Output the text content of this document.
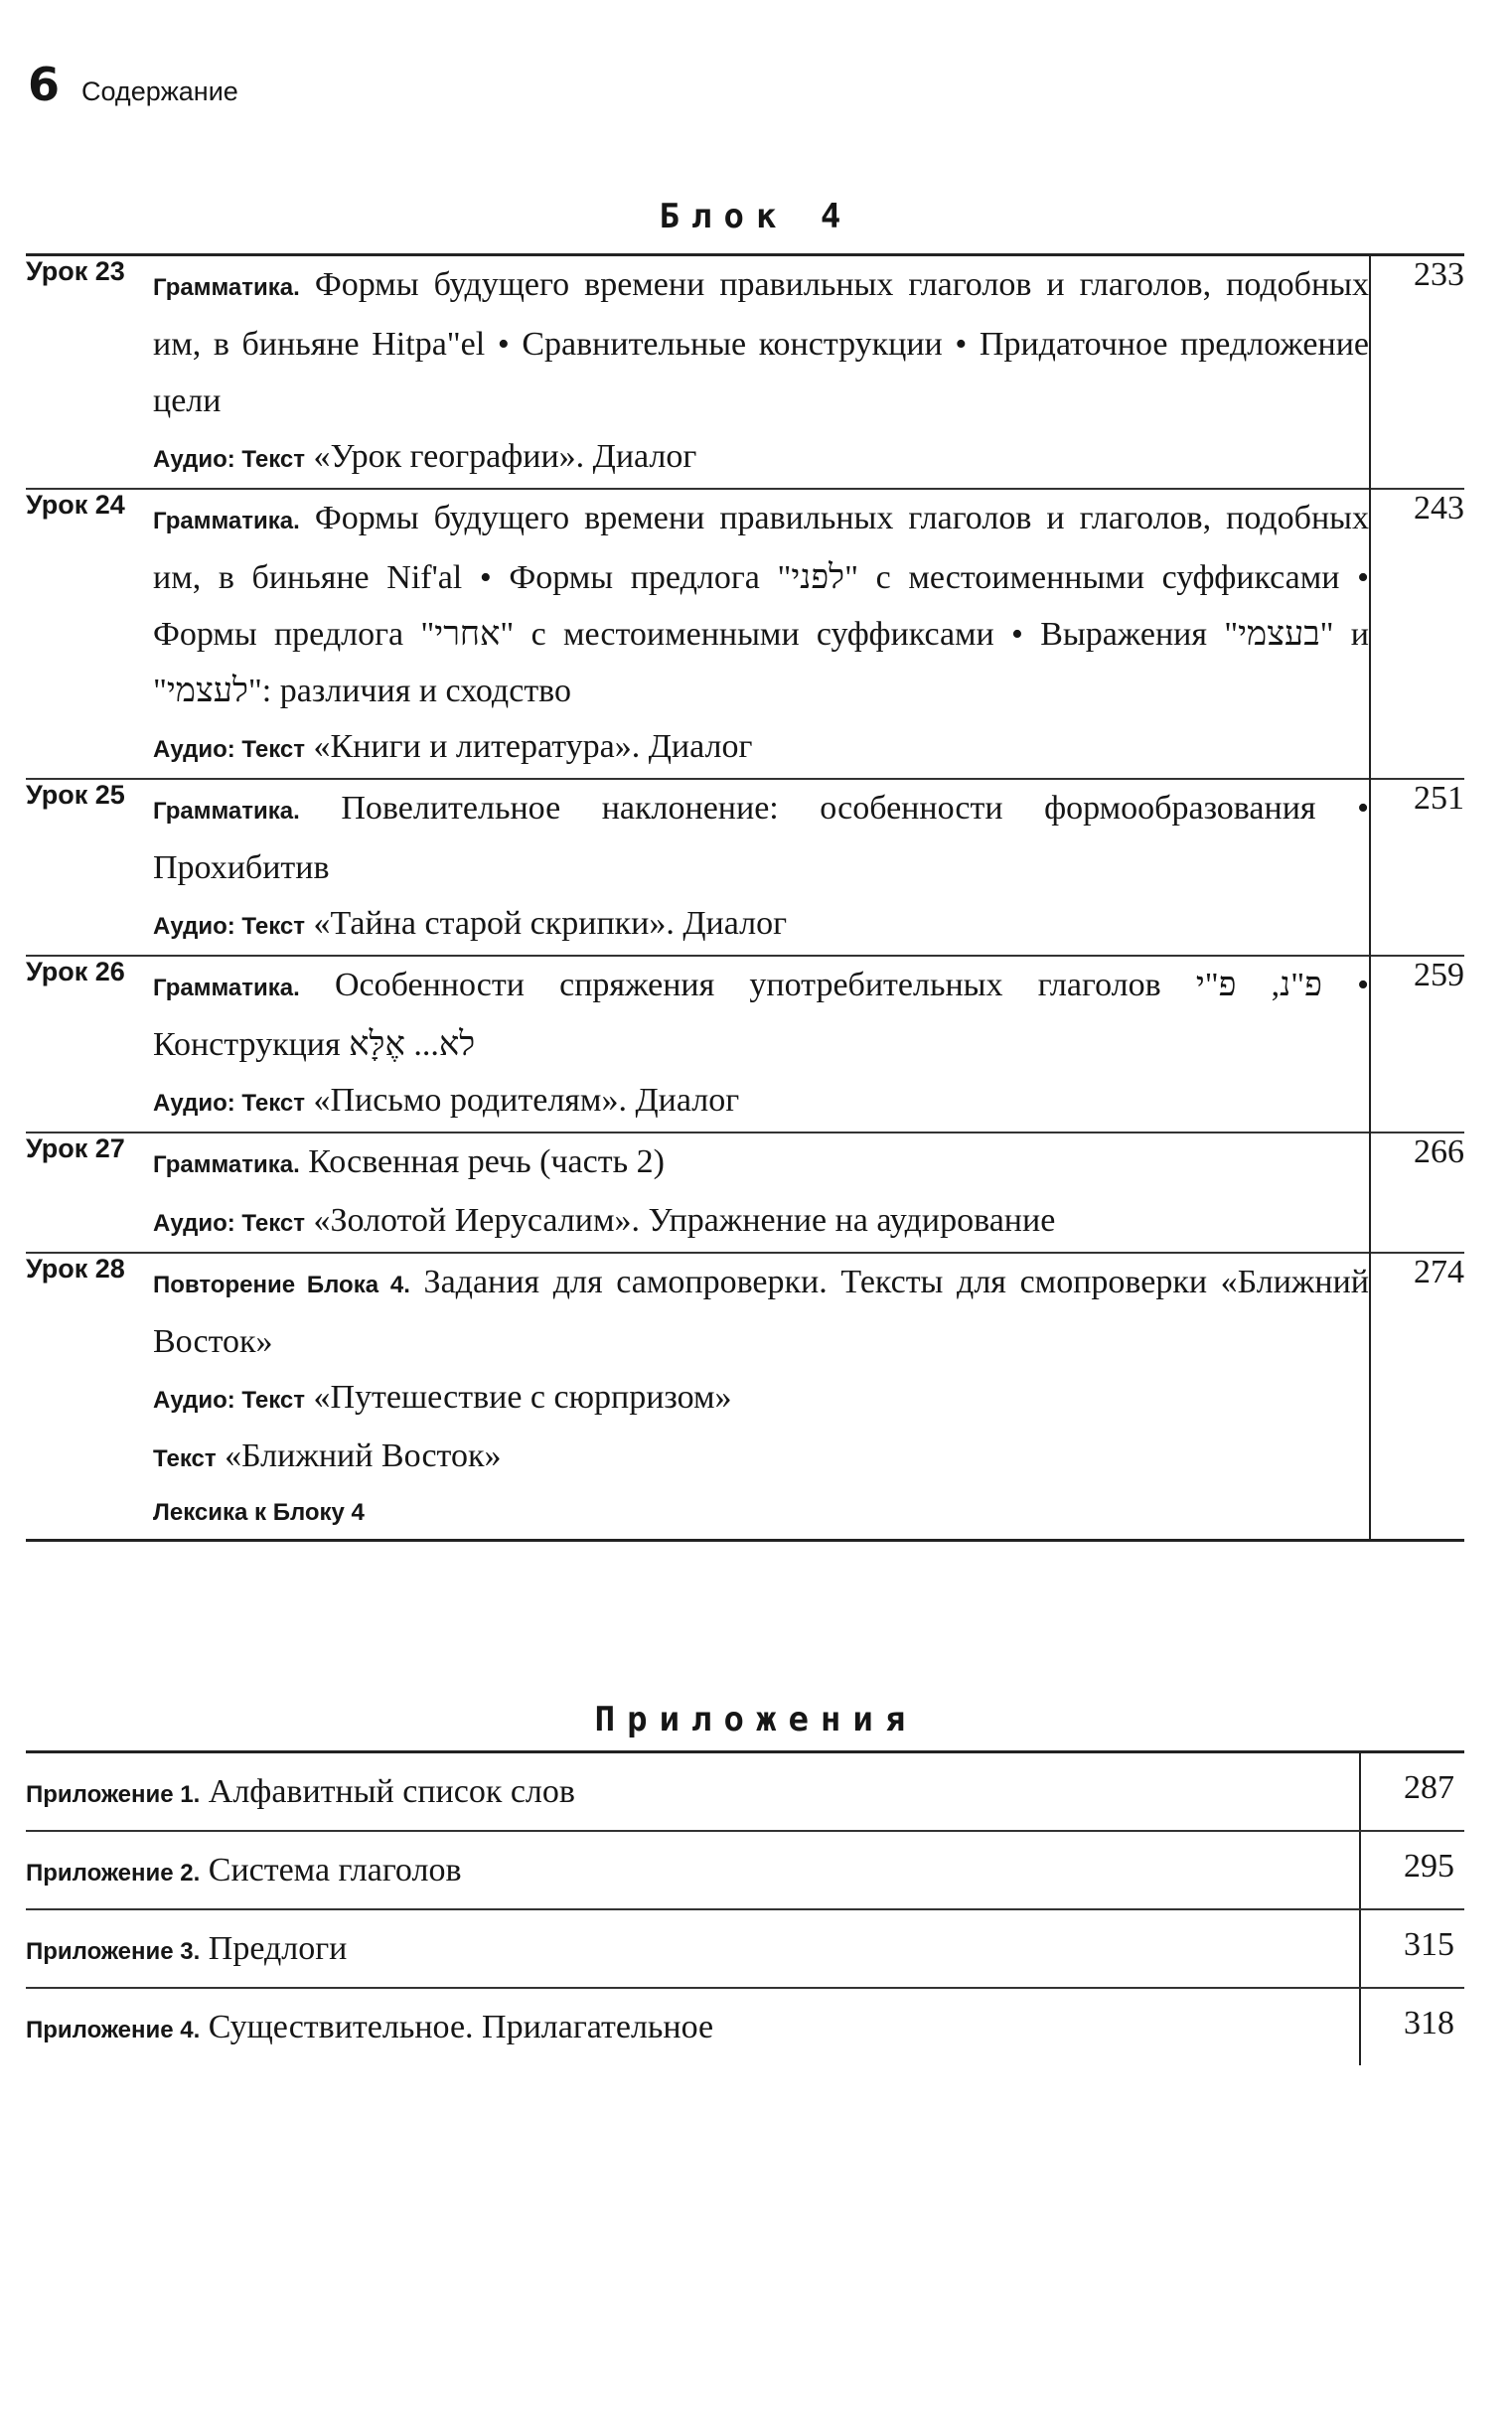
6 Содержание
Блок 4
Урок 23	Грамматика. Формы будущего времени правильных глаголов и глаголов, подобных им, в биньяне Hitpa"el • Сравнительные конструкции • Придаточное предложение цели
Аудио: Текст «Урок географии». Диалог	233
Урок 24	Грамматика. Формы будущего времени правильных глаголов и глаголов, подобных им, в биньяне Nif'al • Формы предлога "לפני" с местоименными суффиксами • Формы предлога "אחרי" с местоименными суффиксами • Выражения "בעצמי" и "לעצמי": различия и сходство
Аудио: Текст «Книги и литература». Диалог	243
Урок 25	Грамматика. Повелительное наклонение: особенности формообразования • Прохибитив
Аудио: Текст «Тайна старой скрипки». Диалог	251
Урок 26	Грамматика. Особенности спряжения употребительных глаголов פ"נ, פ"י • Конструкция לא... אֶלָּא
Аудио: Текст «Письмо родителям». Диалог	259
Урок 27	Грамматика. Косвенная речь (часть 2)
Аудио: Текст «Золотой Иерусалим». Упражнение на аудирование	266
Урок 28	Повторение Блока 4. Задания для самопроверки. Тексты для смопроверки «Ближний Восток»
Аудио: Текст «Путешествие с сюрпризом»
Текст «Ближний Восток»
Лексика к Блоку 4	274
Приложения
Приложение 1. Алфавитный список слов	287
Приложение 2. Система глаголов	295
Приложение 3. Предлоги	315
Приложение 4. Существительное. Прилагательное	318
